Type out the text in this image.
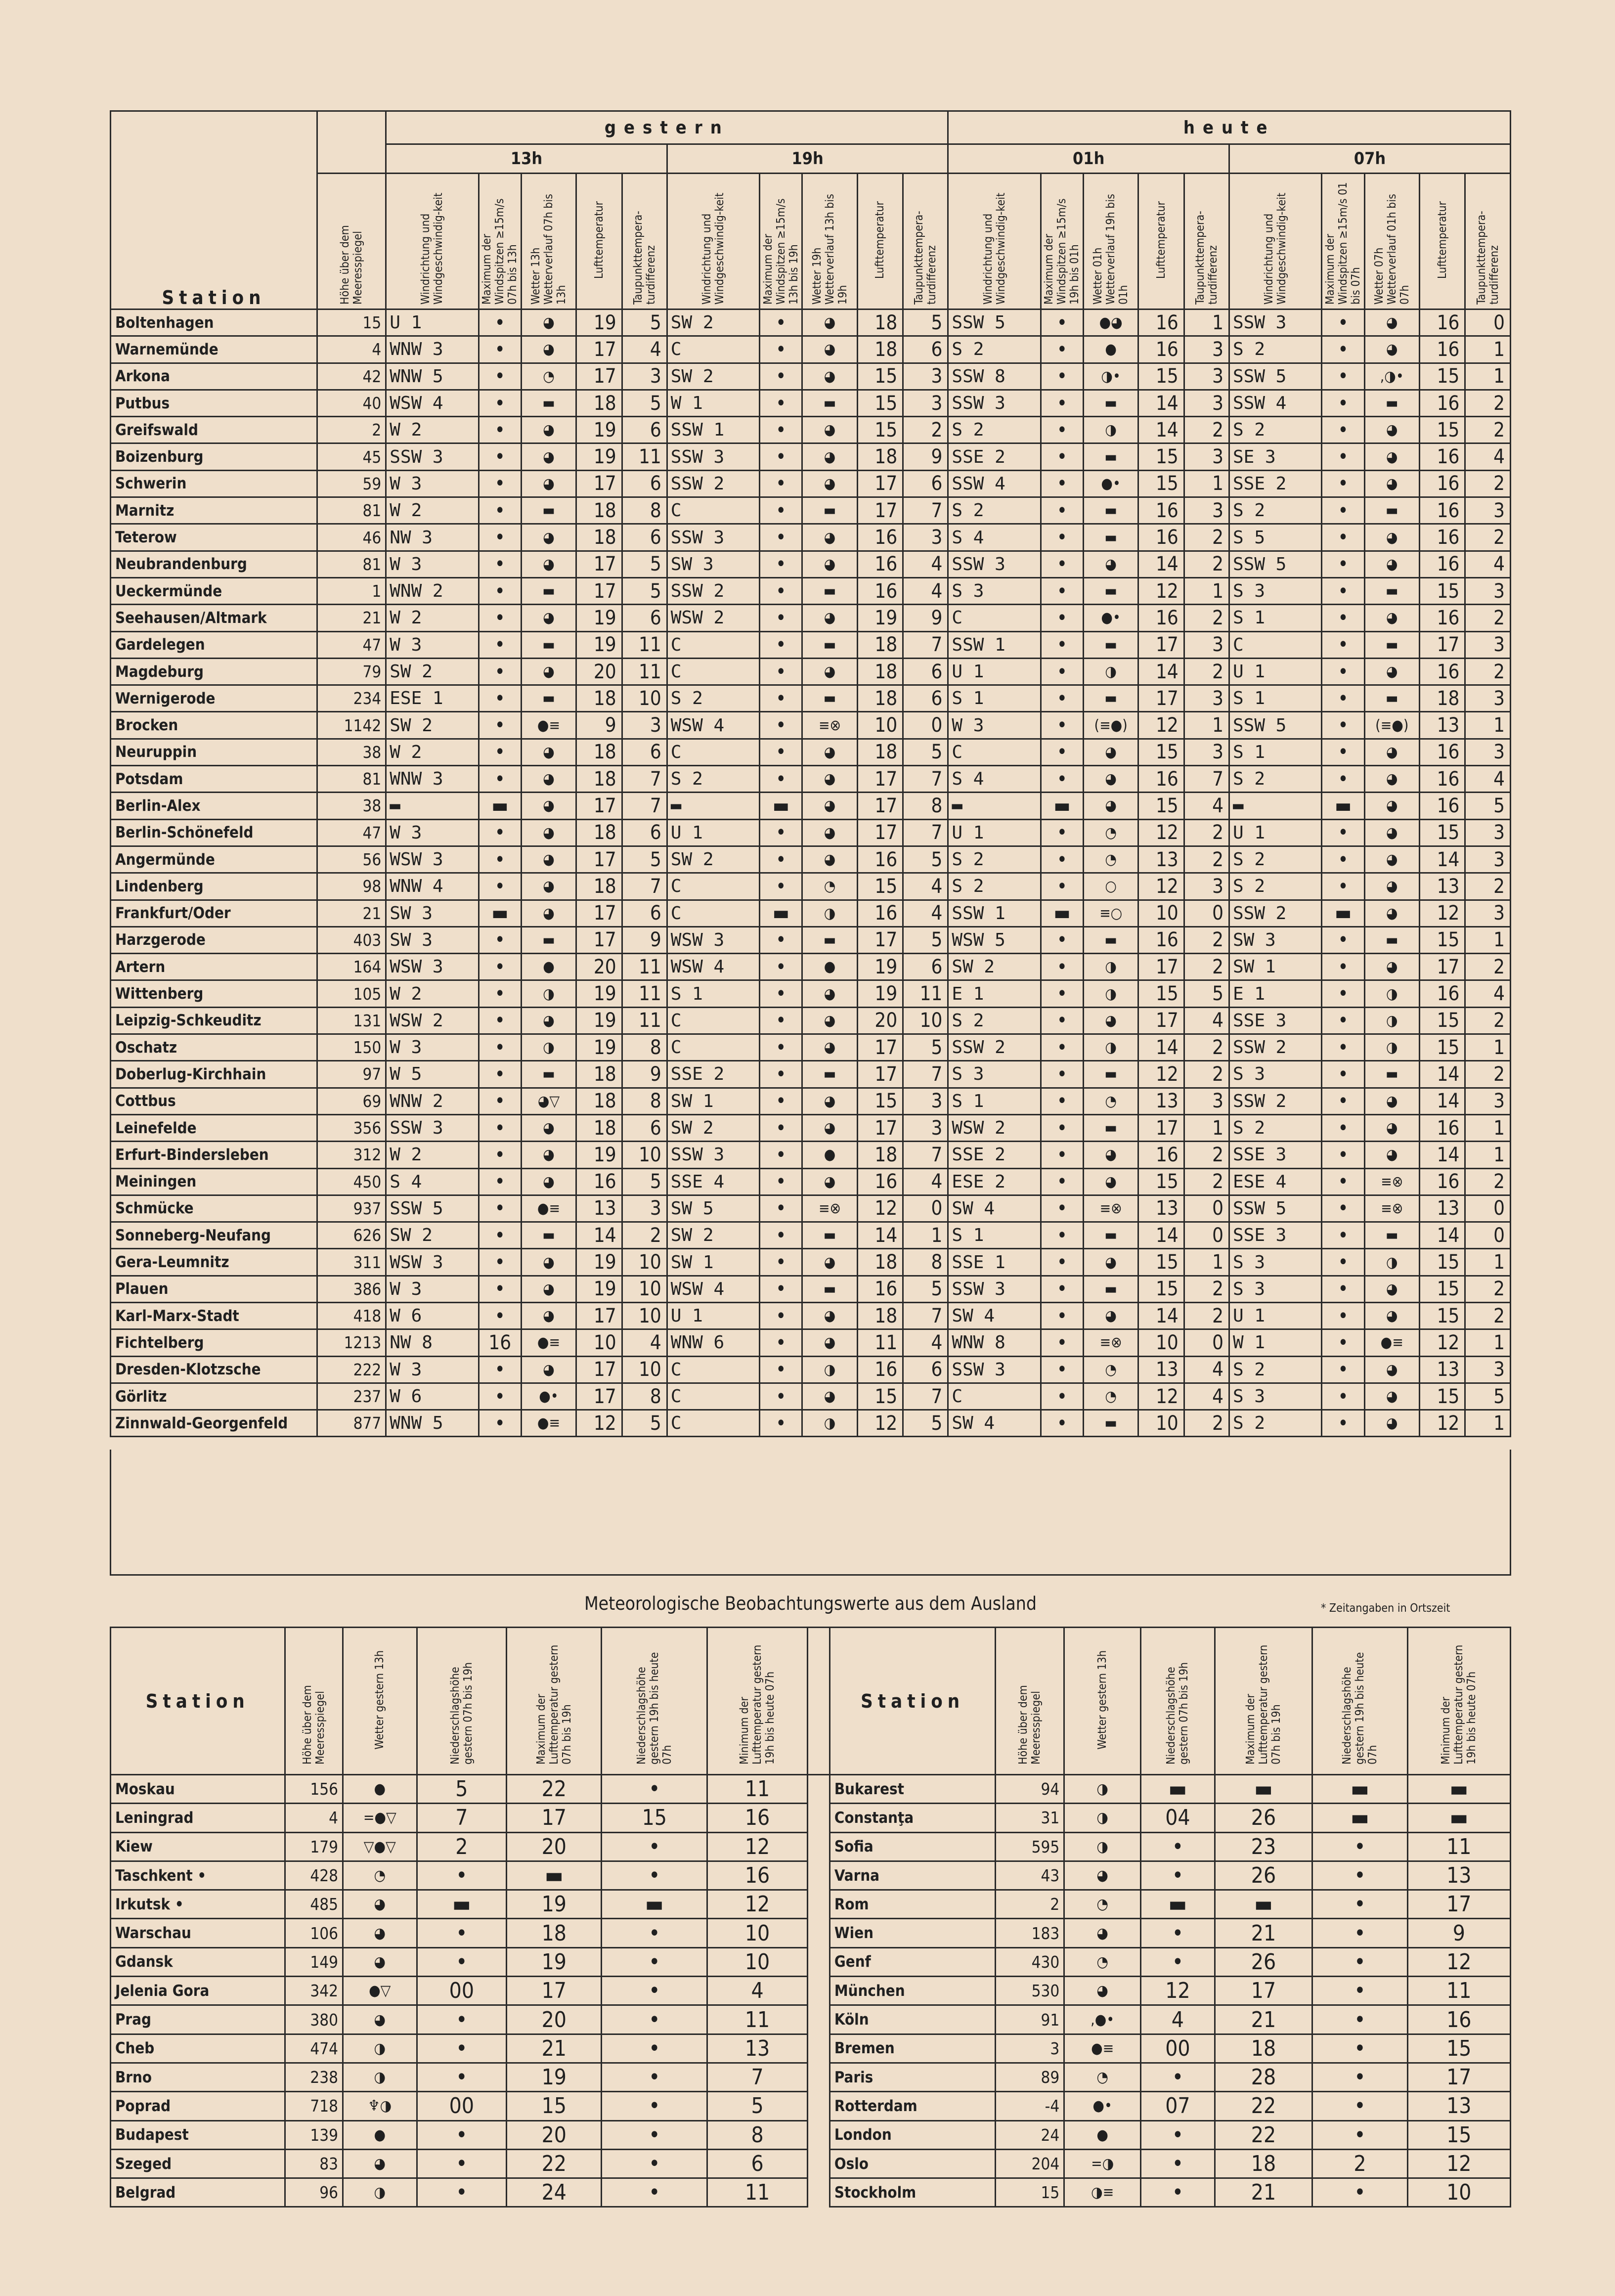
Station		gestern										heute									
		13h					19h					01h					07h				
	Höhe über dem Meeresspiegel	Windrichtung und Windgeschwindig-keit	Maximum der Windspitzen ≥15m/s 07h bis 13h	Wetter 13h Wetterverlauf 07h bis 13h	Lufttemperatur	Taupunkttempera-turdifferenz	Windrichtung und Windgeschwindig-keit	Maximum der Windspitzen ≥15m/s 13h bis 19h	Wetter 19h Wetterverlauf 13h bis 19h	Lufttemperatur	Taupunkttempera-turdifferenz	Windrichtung und Windgeschwindig-keit	Maximum der Windspitzen ≥15m/s 19h bis 01h	Wetter 01h Wetterverlauf 19h bis 01h	Lufttemperatur	Taupunkttempera-turdifferenz	Windrichtung und Windgeschwindig-keit	Maximum der Windspitzen ≥15m/s 01 bis 07h	Wetter 07h Wetterverlauf 01h bis 07h	Lufttemperatur	Taupunkttempera-turdifferenz
Boltenhagen	15	U 1	•	◕	19	5	SW 2	•	◕	18	5	SSW 5	•	●◕	16	1	SSW 3	•	◕	16	0
Warnemünde	4	WNW 3	•	◕	17	4	C	•	◕	18	6	S 2	•	●	16	3	S 2	•	◕	16	1
Arkona	42	WNW 5	•	◔	17	3	SW 2	•	◕	15	3	SSW 8	•	◑•	15	3	SSW 5	•	,◑•	15	1
Putbus	40	WSW 4	•	▬	18	5	W 1	•	▬	15	3	SSW 3	•	▬	14	3	SSW 4	•	▬	16	2
Greifswald	2	W 2	•	◕	19	6	SSW 1	•	◕	15	2	S 2	•	◑	14	2	S 2	•	◕	15	2
Boizenburg	45	SSW 3	•	◕	19	11	SSW 3	•	◕	18	9	SSE 2	•	▬	15	3	SE 3	•	◕	16	4
Schwerin	59	W 3	•	◕	17	6	SSW 2	•	◕	17	6	SSW 4	•	●•	15	1	SSE 2	•	◕	16	2
Marnitz	81	W 2	•	▬	18	8	C	•	▬	17	7	S 2	•	▬	16	3	S 2	•	▬	16	3
Teterow	46	NW 3	•	◕	18	6	SSW 3	•	◕	16	3	S 4	•	▬	16	2	S 5	•	◕	16	2
Neubrandenburg	81	W 3	•	◕	17	5	SW 3	•	◕	16	4	SSW 3	•	◕	14	2	SSW 5	•	◕	16	4
Ueckermünde	1	WNW 2	•	▬	17	5	SSW 2	•	▬	16	4	S 3	•	▬	12	1	S 3	•	▬	15	3
Seehausen/Altmark	21	W 2	•	◕	19	6	WSW 2	•	◕	19	9	C	•	●•	16	2	S 1	•	◕	16	2
Gardelegen	47	W 3	•	▬	19	11	C	•	▬	18	7	SSW 1	•	▬	17	3	C	•	▬	17	3
Magdeburg	79	SW 2	•	◕	20	11	C	•	◕	18	6	U 1	•	◑	14	2	U 1	•	◕	16	2
Wernigerode	234	ESE 1	•	▬	18	10	S 2	•	▬	18	6	S 1	•	▬	17	3	S 1	•	▬	18	3
Brocken	1142	SW 2	•	●≡	9	3	WSW 4	•	≡⊗	10	0	W 3	•	(≡●)	12	1	SSW 5	•	(≡●)	13	1
Neuruppin	38	W 2	•	◕	18	6	C	•	◕	18	5	C	•	◕	15	3	S 1	•	◕	16	3
Potsdam	81	WNW 3	•	◕	18	7	S 2	•	◕	17	7	S 4	•	◕	16	7	S 2	•	◕	16	4
Berlin-Alex	38	▬	▬	◕	17	7	▬	▬	◕	17	8	▬	▬	◕	15	4	▬	▬	◕	16	5
Berlin-Schönefeld	47	W 3	•	◕	18	6	U 1	•	◕	17	7	U 1	•	◔	12	2	U 1	•	◕	15	3
Angermünde	56	WSW 3	•	◕	17	5	SW 2	•	◕	16	5	S 2	•	◔	13	2	S 2	•	◕	14	3
Lindenberg	98	WNW 4	•	◕	18	7	C	•	◔	15	4	S 2	•	○	12	3	S 2	•	◕	13	2
Frankfurt/Oder	21	SW 3	▬	◕	17	6	C	▬	◑	16	4	SSW 1	▬	≡○	10	0	SSW 2	▬	◕	12	3
Harzgerode	403	SW 3	•	▬	17	9	WSW 3	•	▬	17	5	WSW 5	•	▬	16	2	SW 3	•	▬	15	1
Artern	164	WSW 3	•	●	20	11	WSW 4	•	●	19	6	SW 2	•	◑	17	2	SW 1	•	◕	17	2
Wittenberg	105	W 2	•	◑	19	11	S 1	•	◕	19	11	E 1	•	◑	15	5	E 1	•	◑	16	4
Leipzig-Schkeuditz	131	WSW 2	•	◕	19	11	C	•	◕	20	10	S 2	•	◕	17	4	SSE 3	•	◑	15	2
Oschatz	150	W 3	•	◑	19	8	C	•	◕	17	5	SSW 2	•	◑	14	2	SSW 2	•	◑	15	1
Doberlug-Kirchhain	97	W 5	•	▬	18	9	SSE 2	•	▬	17	7	S 3	•	▬	12	2	S 3	•	▬	14	2
Cottbus	69	WNW 2	•	◕▽	18	8	SW 1	•	◕	15	3	S 1	•	◔	13	3	SSW 2	•	◕	14	3
Leinefelde	356	SSW 3	•	◕	18	6	SW 2	•	◕	17	3	WSW 2	•	▬	17	1	S 2	•	◕	16	1
Erfurt-Bindersleben	312	W 2	•	◕	19	10	SSW 3	•	●	18	7	SSE 2	•	◕	16	2	SSE 3	•	◕	14	1
Meiningen	450	S 4	•	◕	16	5	SSE 4	•	◕	16	4	ESE 2	•	◕	15	2	ESE 4	•	≡⊗	16	2
Schmücke	937	SSW 5	•	●≡	13	3	SW 5	•	≡⊗	12	0	SW 4	•	≡⊗	13	0	SSW 5	•	≡⊗	13	0
Sonneberg-Neufang	626	SW 2	•	▬	14	2	SW 2	•	▬	14	1	S 1	•	▬	14	0	SSE 3	•	▬	14	0
Gera-Leumnitz	311	WSW 3	•	◕	19	10	SW 1	•	◕	18	8	SSE 1	•	◕	15	1	S 3	•	◑	15	1
Plauen	386	W 3	•	◕	19	10	WSW 4	•	▬	16	5	SSW 3	•	▬	15	2	S 3	•	◕	15	2
Karl-Marx-Stadt	418	W 6	•	◕	17	10	U 1	•	◕	18	7	SW 4	•	◕	14	2	U 1	•	◕	15	2
Fichtelberg	1213	NW 8	16	●≡	10	4	WNW 6	•	◕	11	4	WNW 8	•	≡⊗	10	0	W 1	•	●≡	12	1
Dresden-Klotzsche	222	W 3	•	◕	17	10	C	•	◑	16	6	SSW 3	•	◔	13	4	S 2	•	◕	13	3
Görlitz	237	W 6	•	●•	17	8	C	•	◕	15	7	C	•	◔	12	4	S 3	•	◕	15	5
Zinnwald-Georgenfeld	877	WNW 5	•	●≡	12	5	C	•	◑	12	5	SW 4	•	▬	10	2	S 2	•	◕	12	1
Meteorologische Beobachtungswerte aus dem Ausland	* Zeitangaben in Ortszeit
Station	Höhe über dem Meeresspiegel	Wetter gestern 13h	Niederschlagshöhe gestern 07h bis 19h	Maximum der Lufttemperatur gestern 07h bis 19h	Niederschlagshöhe gestern 19h bis heute 07h	Minimum der Lufttemperatur gestern 19h bis heute 07h		Station	Höhe über dem Meeresspiegel	Wetter gestern 13h	Niederschlagshöhe gestern 07h bis 19h	Maximum der Lufttemperatur gestern 07h bis 19h	Niederschlagshöhe gestern 19h bis heute 07h	Minimum der Lufttemperatur gestern 19h bis heute 07h
Moskau	156	●	5	22	•	11		Bukarest	94	◑	▬	▬	▬	▬
Leningrad	4	=●▽	7	17	15	16		Constanţa	31	◑	04	26	▬	▬
Kiew	179	▽●▽	2	20	•	12		Sofia	595	◑	•	23	•	11
Taschkent •	428	◔	•	▬	•	16		Varna	43	◕	•	26	•	13
Irkutsk •	485	◕	▬	19	▬	12		Rom	2	◔	▬	▬	•	17
Warschau	106	◕	•	18	•	10		Wien	183	◕	•	21	•	9
Gdansk	149	◕	•	19	•	10		Genf	430	◔	•	26	•	12
Jelenia Gora	342	●▽	00	17	•	4		München	530	◕	12	17	•	11
Prag	380	◕	•	20	•	11		Köln	91	,●•	4	21	•	16
Cheb	474	◑	•	21	•	13		Bremen	3	●≡	00	18	•	15
Brno	238	◑	•	19	•	7		Paris	89	◔	•	28	•	17
Poprad	718	♆◑	00	15	•	5		Rotterdam	-4	●•	07	22	•	13
Budapest	139	●	•	20	•	8		London	24	●	•	22	•	15
Szeged	83	◕	•	22	•	6		Oslo	204	=◑	•	18	2	12
Belgrad	96	◑	•	24	•	11		Stockholm	15	◑≡	•	21	•	10
